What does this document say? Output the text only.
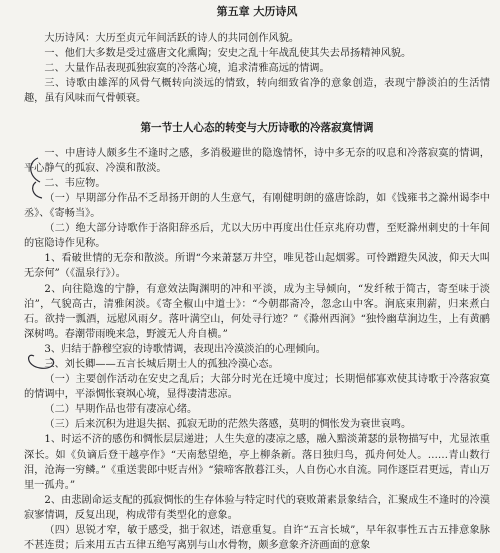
第五章 大历诗风

大历诗风：大历至贞元年间活跃的诗人的共同创作风貌。

一、他们大多数是受过盛唐文化熏陶；安史之乱十年战乱使其失去昂扬精神风貌。

二、大量作品表现孤独寂寞的冷落心境，追求清雅高远的情调。

三、诗歌由雄浑的风骨气概转向淡远的情致，转向细致省净的意象创造，表现宁静淡泊的生活情趣，虽有风味而气骨顿衰。

第一节士人心态的转变与大历诗歌的冷落寂寞情调

一、中唐诗人颇多生不逢时之感，多消极避世的隐逸情怀，诗中多无奈的叹息和冷落寂寞的情调，平心静气的孤寂、冷漠和散淡。

二、韦应物。

（一）早期部分作品不乏昂扬开朗的人生意气，有刚健明朗的盛唐馀韵，如《饯雍书之滁州谒李中丞》、《寄畅当》。

（二）绝大部分诗歌作于洛阳辞丞后，尤以大历中再度出仕任京兆府功曹，至贬滁州刺史的十年间的宦隐诗作见称。

1、看破世情的无奈和散淡。所谓“今来萧瑟万井空，唯见苍山起烟雾。可怜蹭蹬失风波，仰天大叫无奈何”（《温泉行》）。

2、向往隐逸的宁静，有意效法陶渊明的冲和平淡，成为主导倾向，“发纤秾于简古，寄至味于淡泊”，气貌高古，清雅闲淡。《寄全椒山中道士》：“今朝郡斋冷，忽念山中客。涧底束荆薪，归来煮白石。欲持一瓢酒，远慰风雨夕。落叶满空山，何处寻行迹？”《滁州西涧》“独怜幽草涧边生，上有黄鹂深树鸣。春潮带雨晚来急，野渡无人舟自横。”

3、归结于静穆空寂的诗歌情调，表现出冷漠淡泊的心理倾向。

三、刘长卿——五言长城后期士人的孤独冷漠心态。

（一）主要创作活动在安史之乱后；大部分时光在迁境中度过；长期悒郁寡欢使其诗歌于冷落寂寞的情调中，平添惆怅衰飒心境，显得凄清悲凉。

（二）早期作品也带有凄凉心绪。

（三）后来沉积为进退失据、孤寂无助的茫然失落感，莫明的惆怅发为衰世哀鸣。

1、时运不济的感伤和惆怅层层递进；人生失意的凄凉之感，融入黯淡萧瑟的景物描写中，尤显浓重深长。如《负谪后登干越亭作》“天南愁望绝，亭上柳条新。落日独归鸟，孤舟何处人。……青山数行泪，沧海一穷鳞。”《重送裴郎中贬吉州》“猿啼客散暮江头，人自伤心水自流。同作逐臣君更远，青山万里一孤舟。”

2、由悲剧命运支配的孤寂惆怅的生存体验与特定时代的衰败萧素景象结合，汇聚成生不逢时的冷漠寂寥情调，反复出现，构成带有类型化的意象。

（四）思锐才窄，敏于感受，拙于叙述，语意重复。自许“五言长城”，早年叙事性五古五排意象脉不甚连贯；后来用五古五律五绝写离别与山水骨物，颇多意象齐济画面的意象
